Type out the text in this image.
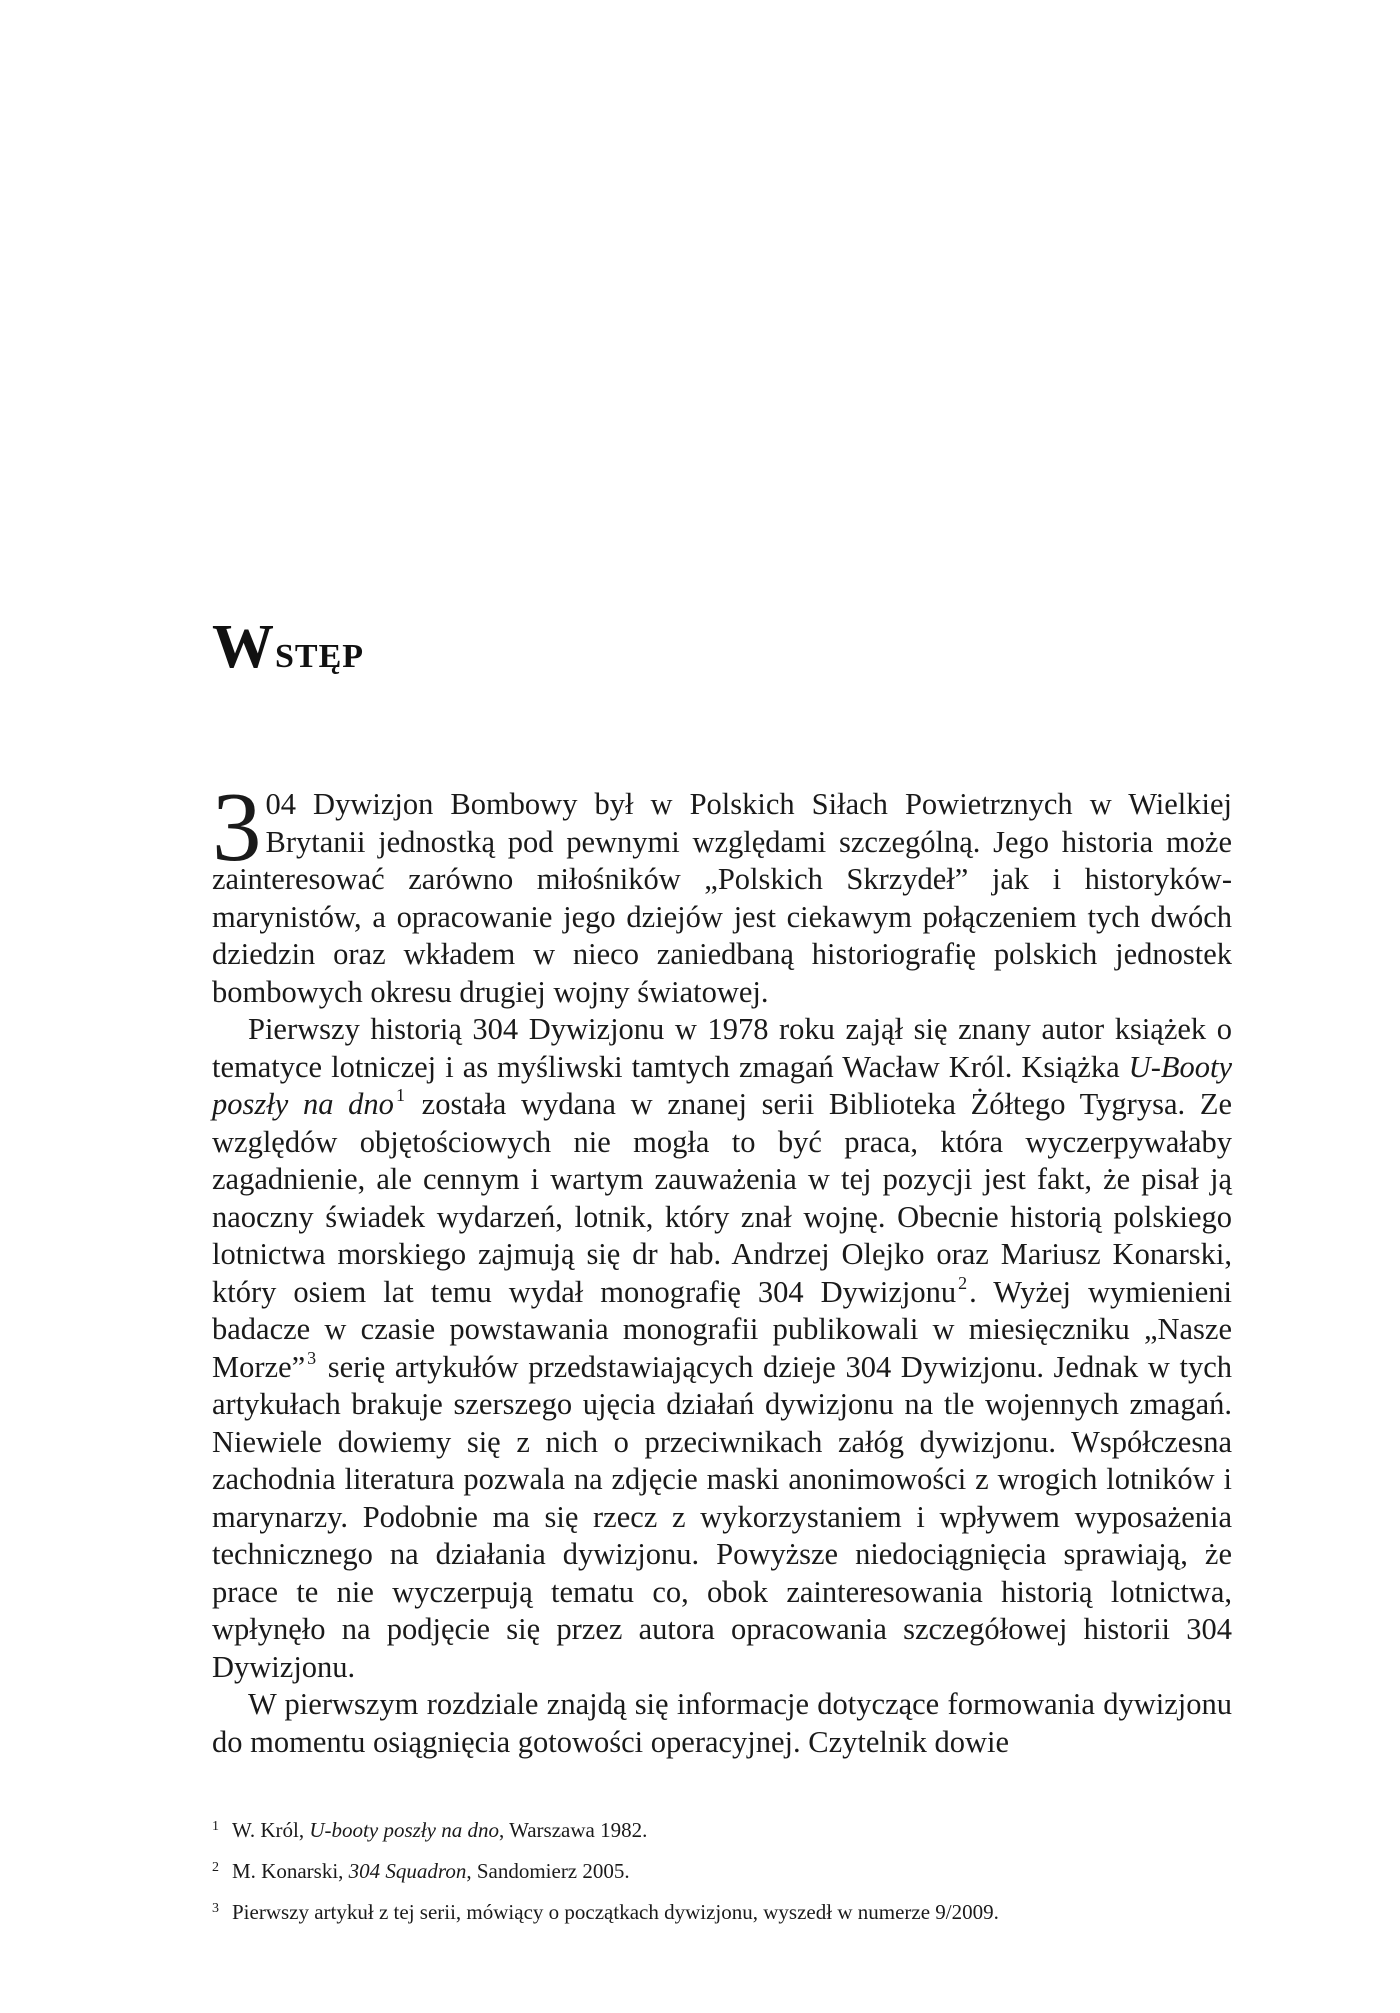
Wstęp

3 04 Dywizjon Bombowy był w Polskich Siłach Powietrznych w Wielkiej Brytanii jednostką pod pewnymi względami szczególną. Jego historia może zainteresować zarówno miłośników „Polskich Skrzydeł” jak i historyków-marynistów, a opracowanie jego dziejów jest ciekawym połączeniem tych dwóch dziedzin oraz wkładem w nieco zaniedbaną historiografię polskich jednostek bombowych okresu drugiej wojny światowej.

Pierwszy historią 304 Dywizjonu w 1978 roku zajął się znany autor książek o tematyce lotniczej i as myśliwski tamtych zmagań Wacław Król. Książka U-Booty poszły na dno $^1$ została wydana w znanej serii Biblioteka Żółtego Tygrysa. Ze względów objętościowych nie mogła to być praca, która wyczerpywałaby zagadnienie, ale cennym i wartym zauważenia w tej pozycji jest fakt, że pisał ją naoczny świadek wydarzeń, lotnik, który znał wojnę. Obecnie historią polskiego lotnictwa morskiego zajmują się dr hab. Andrzej Olejko oraz Mariusz Konarski, który osiem lat temu wydał monografię 304 Dywizjonu $^2$. Wyżej wymienieni badacze w czasie powstawania monografii publikowali w miesięczniku „Nasze Morze” $^3$ serię artykułów przedstawiających dzieje 304 Dywizjonu. Jednak w tych artykułach brakuje szerszego ujęcia działań dywizjonu na tle wojennych zmagań. Niewiele dowiemy się z nich o przeciwnikach załóg dywizjonu. Współczesna zachodnia literatura pozwala na zdjęcie maski anonimowości z wrogich lotników i marynarzy. Podobnie ma się rzecz z wykorzystaniem i wpływem wyposażenia technicznego na działania dywizjonu. Powyższe niedociągnięcia sprawiają, że prace te nie wyczerpują tematu co, obok zainteresowania historią lotnictwa, wpłynęło na podjęcie się przez autora opracowania szczegółowej historii 304 Dywizjonu.

W pierwszym rozdziale znajdą się informacje dotyczące formowania dywizjonu do momentu osiągnięcia gotowości operacyjnej. Czytelnik dowie

1 W. Król, U-booty poszły na dno, Warszawa 1982.
2 M. Konarski, 304 Squadron, Sandomierz 2005.
3 Pierwszy artykuł z tej serii, mówiący o początkach dywizjonu, wyszedł w numerze 9/2009.
